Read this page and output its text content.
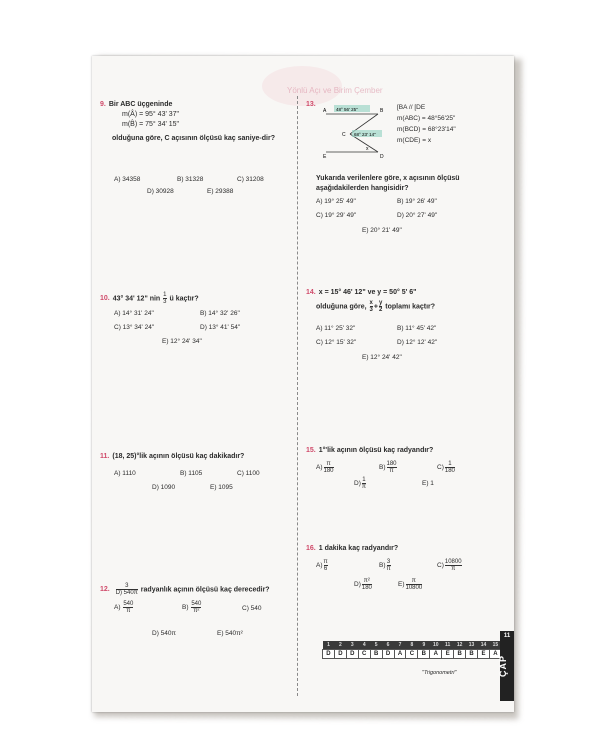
Yönlü Açı ve Birim Çember
9. Bir ABC üçgeninde
m(Â) = 95° 43' 37"
m(B̂) = 75° 34' 15"
olduğuna göre, C açısının ölçüsü kaç saniye-dir?
A) 34358	B) 31328	C) 31208
D) 30928	E) 29388
10. 43° 34' 12" nin $\frac{1}{3}$ ü kaçtır?
A) 14° 31' 24"	B) 14° 32' 26"
C) 13° 34' 24"	D) 13° 41' 54"
E) 12° 24' 34"
11. (18, 25)°lik açının ölçüsü kaç dakikadır?
A) 1110	B) 1105	C) 1100
D) 1090	E) 1095
12. $\frac{3}{D) 540\pi}$ radyanlık açının ölçüsü kaç derecedir?
$A) \frac{540}{\pi}$	$B) \frac{540}{\text{π²}}$	C) 540
D) 540π	E) 540π²
13.
A	B
C
D
E
48° 56' 25"
68° 23' 14"
x
[BA // [DE
m(ABC) = 48°56'25"
m(BCD) = 68°23'14"
m(CDE) = x
Yukarıda verilenlere göre, x açısının ölçüsü aşağıdakilerden hangisidir?
A) 19° 25' 49"	B) 19° 26' 49"
C) 19° 29' 49"	D) 20° 27' 49"
E) 20° 21' 49"
14. x = 15° 46' 12" ve y = 50° 5' 6"
olduğuna göre, $\frac{x}{3} + \frac{y}{2}$ toplamı kaçtır?
A) 11° 25' 32"	B) 11° 45' 42"
C) 12° 15' 32"	D) 12° 12' 42"
E) 12° 24' 42"
15. 1°'lik açının ölçüsü kaç radyandır?
$A) \frac{\pi}{180}$	$B) \frac{180}{\pi}$	$C) \frac{1}{180}$
$D) \frac{1}{\pi}$	E) 1
16. 1 dakika kaç radyandır?
$A) \frac{\pi}{6}$	$B) \frac{3}{\pi}$	$C) \frac{10800}{\pi}$
$D) \frac{\text{π²}}{180}$	$E) \frac{\pi}{10800}$
1	2	3	4	5	6	7	8	9	10	11	12	13	14	15	
D	D	D	C	B	D	A	C	B	A	E	B	B	E	A	
"Trigonometri"
11
ÇAP
